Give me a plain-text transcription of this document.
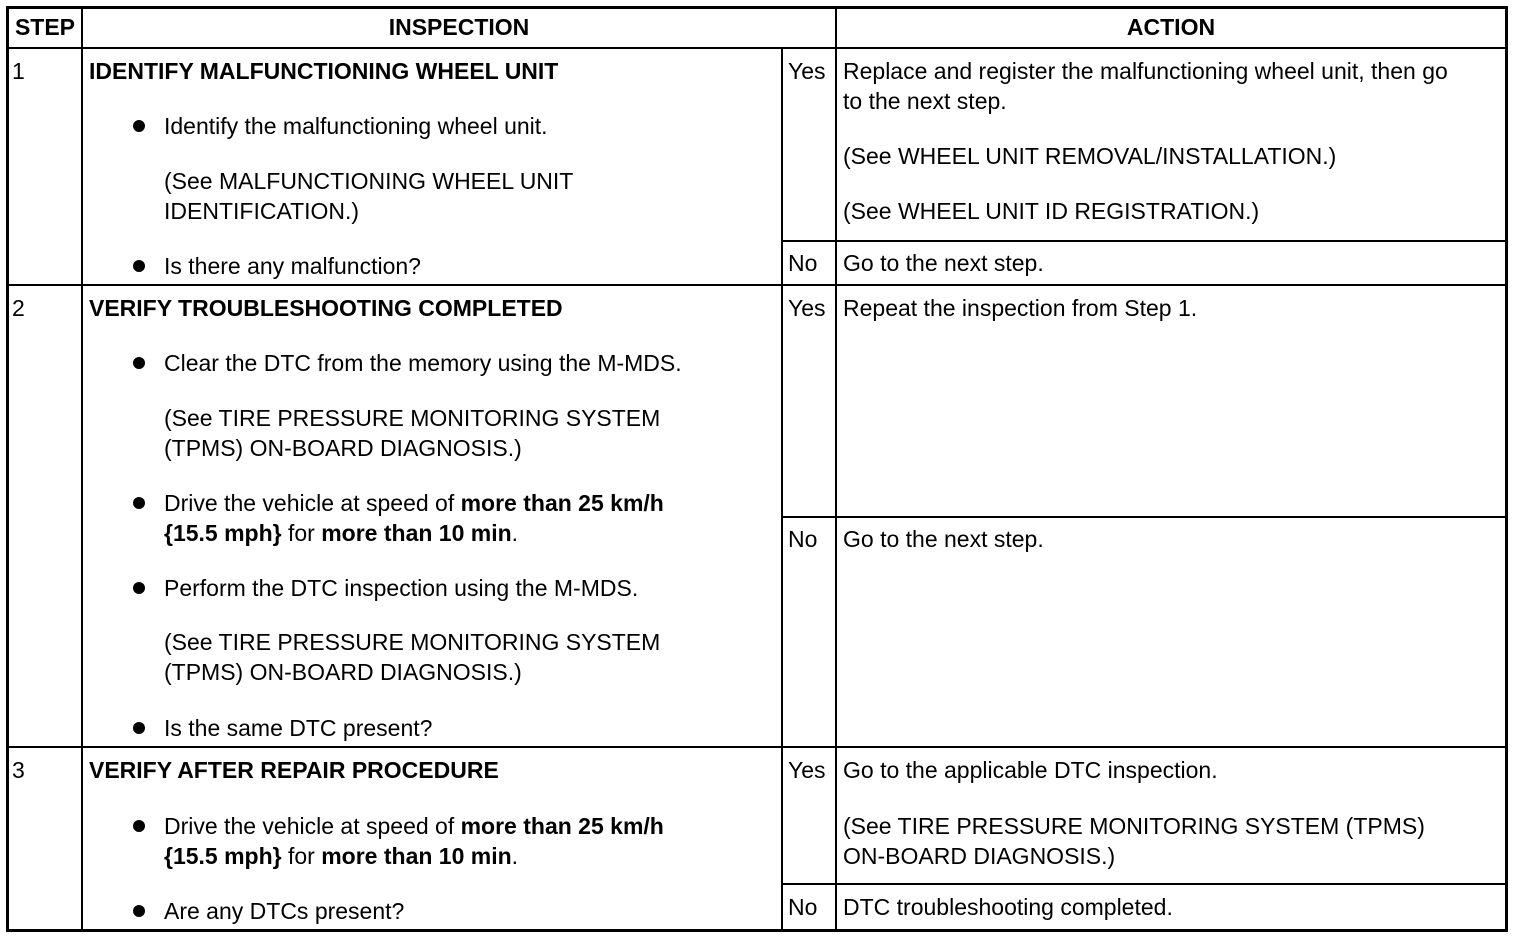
STEP	INSPECTION	ACTION
1	IDENTIFY MALFUNCTIONING WHEEL UNIT
Identify the malfunctioning wheel unit.
(See MALFUNCTIONING WHEEL UNIT
IDENTIFICATION.)
Is there any malfunction?
Yes Replace and register the malfunctioning wheel unit, then go
to the next step.
(See WHEEL UNIT REMOVAL/INSTALLATION.)
(See WHEEL UNIT ID REGISTRATION.)
No Go to the next step.
2	VERIFY TROUBLESHOOTING COMPLETED
Clear the DTC from the memory using the M-MDS.
(See TIRE PRESSURE MONITORING SYSTEM
(TPMS) ON-BOARD DIAGNOSIS.)
Drive the vehicle at speed of more than 25 km/h
{15.5 mph} for more than 10 min.
Perform the DTC inspection using the M-MDS.
(See TIRE PRESSURE MONITORING SYSTEM
(TPMS) ON-BOARD DIAGNOSIS.)
Is the same DTC present?
Yes Repeat the inspection from Step 1.
No Go to the next step.
3	VERIFY AFTER REPAIR PROCEDURE
Drive the vehicle at speed of more than 25 km/h
{15.5 mph} for more than 10 min.
Are any DTCs present?
Yes Go to the applicable DTC inspection.
(See TIRE PRESSURE MONITORING SYSTEM (TPMS)
ON-BOARD DIAGNOSIS.)
No DTC troubleshooting completed.
